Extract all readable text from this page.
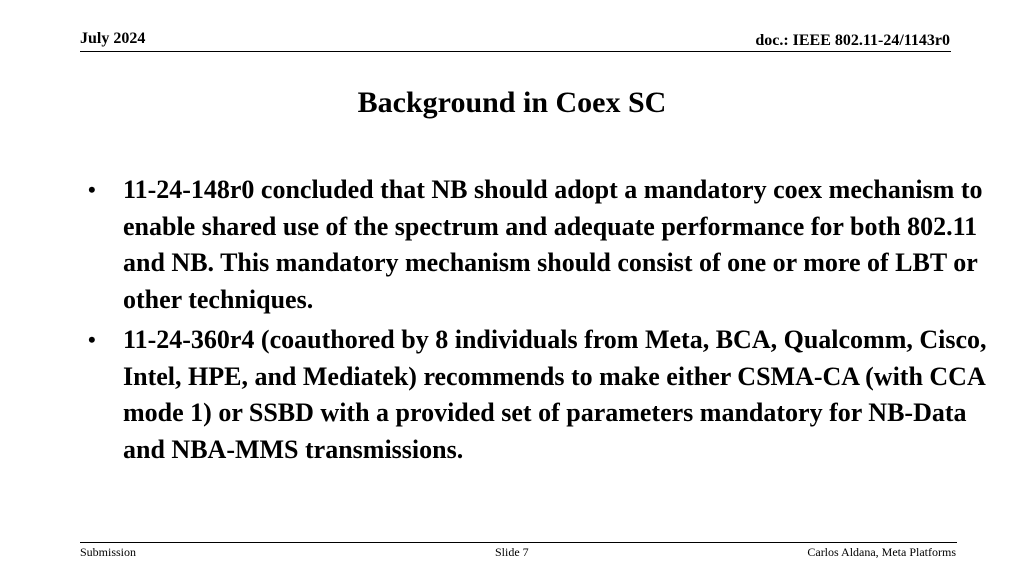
July 2024	doc.: IEEE 802.11-24/1143r0
Background in Coex SC
• 11-24-148r0 concluded that NB should adopt a mandatory coex mechanism to enable shared use of the spectrum and adequate performance for both 802.11 and NB. This mandatory mechanism should consist of one or more of LBT or other techniques.
• 11-24-360r4 (coauthored by 8 individuals from Meta, BCA, Qualcomm, Cisco, Intel, HPE, and Mediatek) recommends to make either CSMA-CA (with CCA mode 1) or SSBD with a provided set of parameters mandatory for NB-Data and NBA-MMS transmissions.
Submission	Slide 7	Carlos Aldana, Meta Platforms
